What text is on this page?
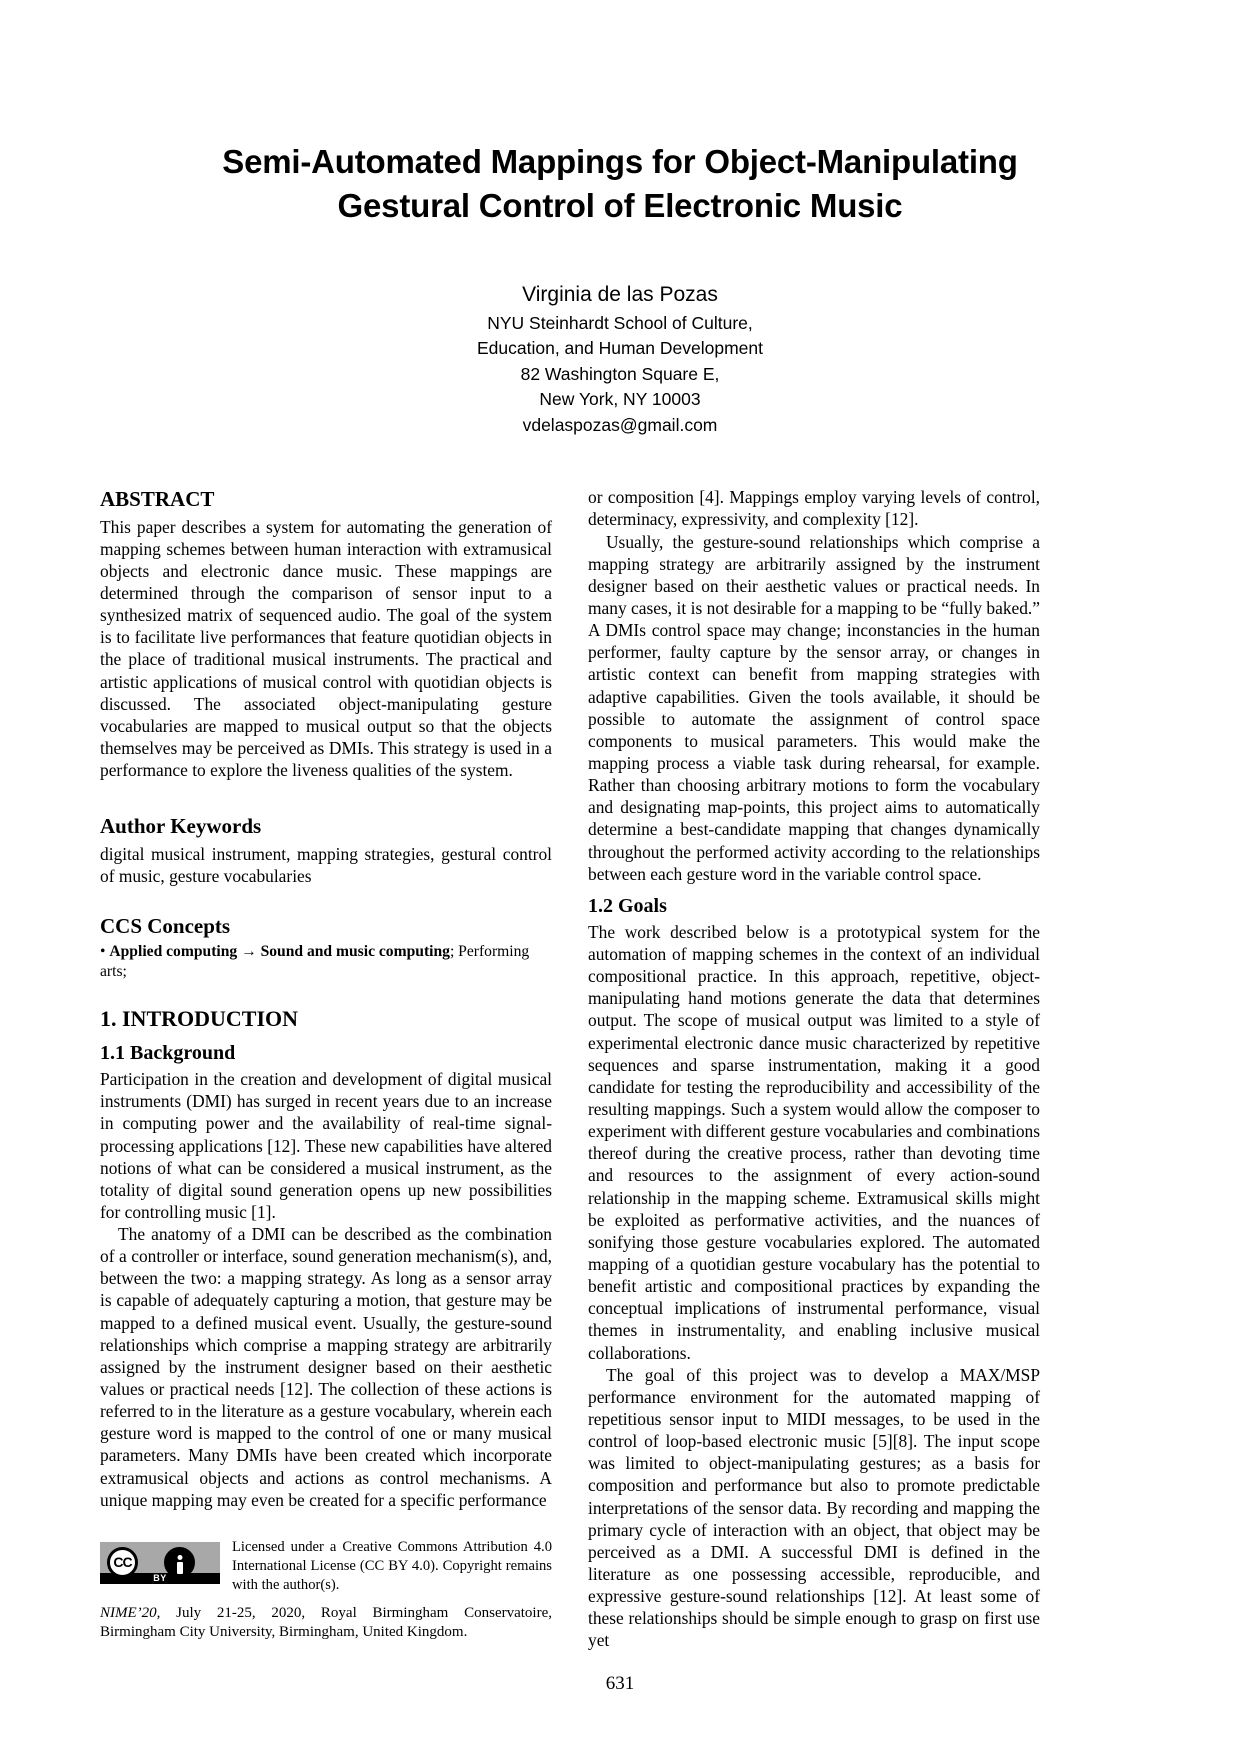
Semi-Automated Mappings for Object-Manipulating
Gestural Control of Electronic Music
Virginia de las Pozas
NYU Steinhardt School of Culture,
Education, and Human Development
82 Washington Square E,
New York, NY 10003
vdelaspozas@gmail.com
ABSTRACT

This paper describes a system for automating the generation of mapping schemes between human interaction with extramusical objects and electronic dance music. These mappings are determined through the comparison of sensor input to a synthesized matrix of sequenced audio. The goal of the system is to facilitate live performances that feature quotidian objects in the place of traditional musical instruments. The practical and artistic applications of musical control with quotidian objects is discussed. The associated object-manipulating gesture vocabularies are mapped to musical output so that the objects themselves may be perceived as DMIs. This strategy is used in a performance to explore the liveness qualities of the system.

Author Keywords

digital musical instrument, mapping strategies, gestural control of music, gesture vocabularies

CCS Concepts

• Applied computing → Sound and music computing; Performing arts;

1. INTRODUCTION
1.1 Background

Participation in the creation and development of digital musical instruments (DMI) has surged in recent years due to an increase in computing power and the availability of real-time signal-processing applications [12]. These new capabilities have altered notions of what can be considered a musical instrument, as the totality of digital sound generation opens up new possibilities for controlling music [1].

The anatomy of a DMI can be described as the combination of a controller or interface, sound generation mechanism(s), and, between the two: a mapping strategy. As long as a sensor array is capable of adequately capturing a motion, that gesture may be mapped to a defined musical event. Usually, the gesture-sound relationships which comprise a mapping strategy are arbitrarily assigned by the instrument designer based on their aesthetic values or practical needs [12]. The collection of these actions is referred to in the literature as a gesture vocabulary, wherein each gesture word is mapped to the control of one or many musical parameters. Many DMIs have been created which incorporate extramusical objects and actions as control mechanisms. A unique mapping may even be created for a specific performance

CC
BY
Licensed under a Creative Commons Attribution 4.0 International License (CC BY 4.0). Copyright remains with the author(s).
NIME’20, July 21-25, 2020, Royal Birmingham Conservatoire, Birmingham City University, Birmingham, United Kingdom.

or composition [4]. Mappings employ varying levels of control, determinacy, expressivity, and complexity [12].

Usually, the gesture-sound relationships which comprise a mapping strategy are arbitrarily assigned by the instrument designer based on their aesthetic values or practical needs. In many cases, it is not desirable for a mapping to be “fully baked.” A DMIs control space may change; inconstancies in the human performer, faulty capture by the sensor array, or changes in artistic context can benefit from mapping strategies with adaptive capabilities. Given the tools available, it should be possible to automate the assignment of control space components to musical parameters. This would make the mapping process a viable task during rehearsal, for example. Rather than choosing arbitrary motions to form the vocabulary and designating map-points, this project aims to automatically determine a best-candidate mapping that changes dynamically throughout the performed activity according to the relationships between each gesture word in the variable control space.

1.2 Goals

The work described below is a prototypical system for the automation of mapping schemes in the context of an individual compositional practice. In this approach, repetitive, object-manipulating hand motions generate the data that determines output. The scope of musical output was limited to a style of experimental electronic dance music characterized by repetitive sequences and sparse instrumentation, making it a good candidate for testing the reproducibility and accessibility of the resulting mappings. Such a system would allow the composer to experiment with different gesture vocabularies and combinations thereof during the creative process, rather than devoting time and resources to the assignment of every action-sound relationship in the mapping scheme. Extramusical skills might be exploited as performative activities, and the nuances of sonifying those gesture vocabularies explored. The automated mapping of a quotidian gesture vocabulary has the potential to benefit artistic and compositional practices by expanding the conceptual implications of instrumental performance, visual themes in instrumentality, and enabling inclusive musical collaborations.

The goal of this project was to develop a MAX/MSP performance environment for the automated mapping of repetitious sensor input to MIDI messages, to be used in the control of loop-based electronic music [5][8]. The input scope was limited to object-manipulating gestures; as a basis for composition and performance but also to promote predictable interpretations of the sensor data. By recording and mapping the primary cycle of interaction with an object, that object may be perceived as a DMI. A successful DMI is defined in the literature as one possessing accessible, reproducible, and expressive gesture-sound relationships [12]. At least some of these relationships should be simple enough to grasp on first use yet

631
